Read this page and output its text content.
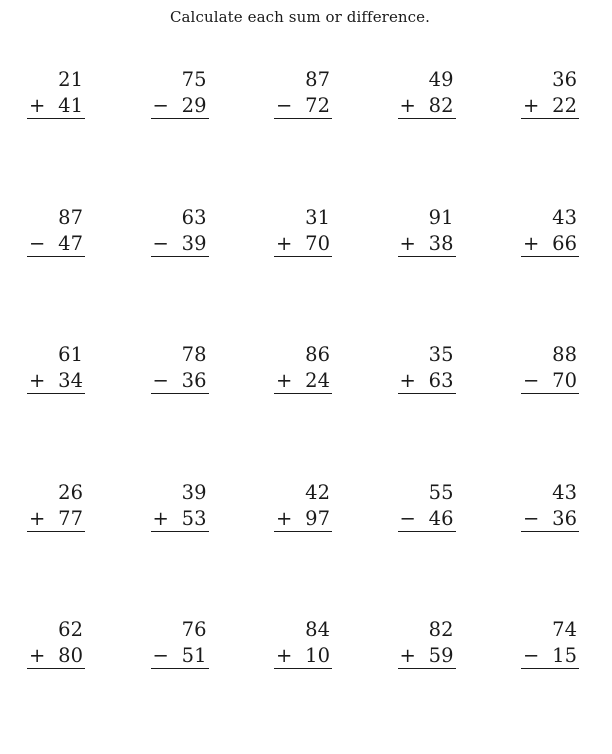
Calculate each sum or difference.
21
+ 41
75
− 29
87
− 72
49
+ 82
36
+ 22
87
− 47
63
− 39
31
+ 70
91
+ 38
43
+ 66
61
+ 34
78
− 36
86
+ 24
35
+ 63
88
− 70
26
+ 77
39
+ 53
42
+ 97
55
− 46
43
− 36
62
+ 80
76
− 51
84
+ 10
82
+ 59
74
− 15
